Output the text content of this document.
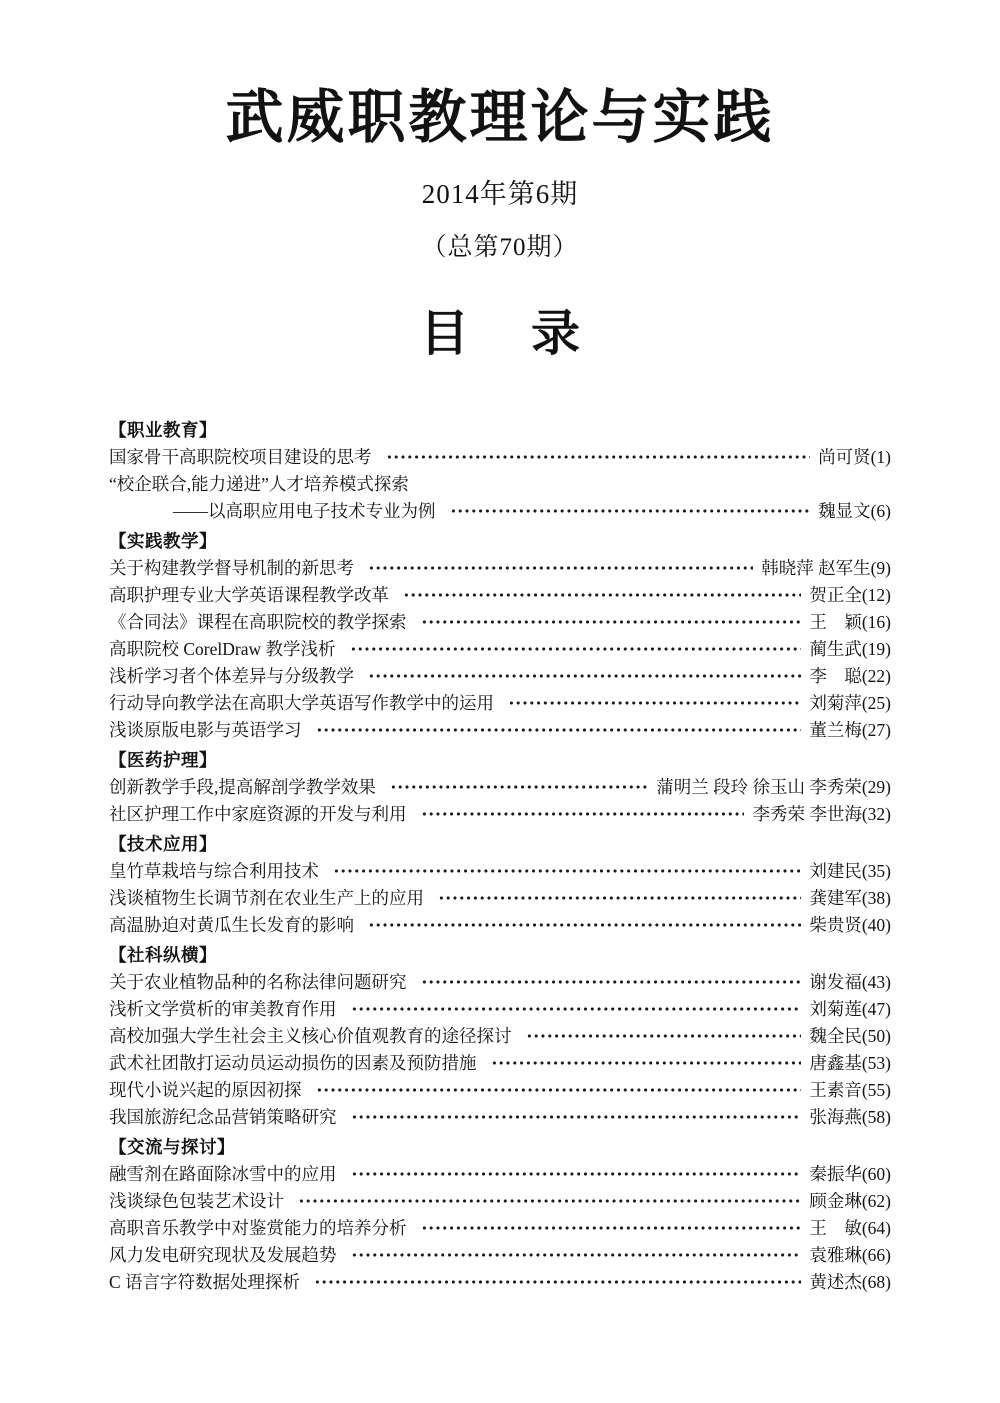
武威职教理论与实践
2014年第6期
（总第70期）
目 录
【职业教育】
国家骨干高职院校项目建设的思考	尚可贤(1)
“校企联合,能力递进”人才培养模式探索
——以高职应用电子技术专业为例	魏显文(6)
【实践教学】
关于构建教学督导机制的新思考	韩晓萍 赵军生(9)
高职护理专业大学英语课程教学改革	贺正全(12)
《合同法》课程在高职院校的教学探索	王　颖(16)
高职院校 CorelDraw 教学浅析	蔺生武(19)
浅析学习者个体差异与分级教学	李　聪(22)
行动导向教学法在高职大学英语写作教学中的运用	刘菊萍(25)
浅谈原版电影与英语学习	董兰梅(27)
【医药护理】
创新教学手段,提高解剖学教学效果	蒲明兰 段玲 徐玉山 李秀荣(29)
社区护理工作中家庭资源的开发与利用	李秀荣 李世海(32)
【技术应用】
皇竹草栽培与综合利用技术	刘建民(35)
浅谈植物生长调节剂在农业生产上的应用	龚建军(38)
高温胁迫对黄瓜生长发育的影响	柴贵贤(40)
【社科纵横】
关于农业植物品种的名称法律问题研究	谢发福(43)
浅析文学赏析的审美教育作用	刘菊莲(47)
高校加强大学生社会主义核心价值观教育的途径探讨	魏全民(50)
武术社团散打运动员运动损伤的因素及预防措施	唐鑫基(53)
现代小说兴起的原因初探	王素音(55)
我国旅游纪念品营销策略研究	张海燕(58)
【交流与探讨】
融雪剂在路面除冰雪中的应用	秦振华(60)
浅谈绿色包装艺术设计	顾金琳(62)
高职音乐教学中对鉴赏能力的培养分析	王　敏(64)
风力发电研究现状及发展趋势	袁雅琳(66)
C 语言字符数据处理探析	黄述杰(68)
